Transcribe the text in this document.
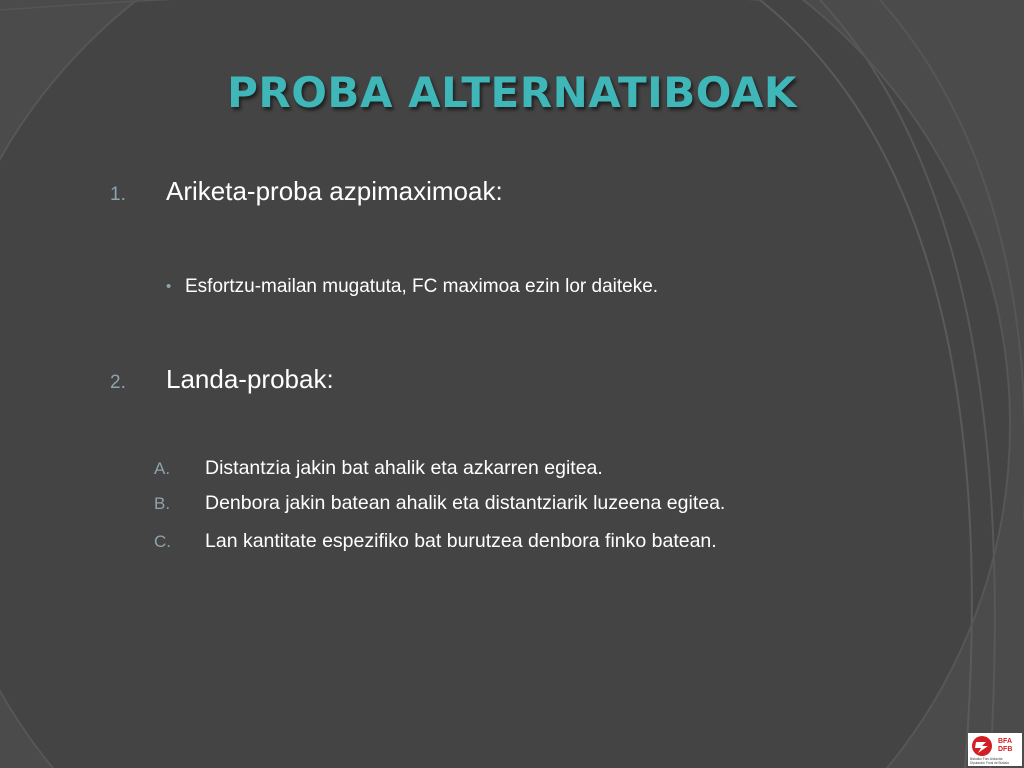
PROBA ALTERNATIBOAK
1. Ariketa-proba azpimaximoak:
• Esfortzu-mailan mugatuta, FC maximoa ezin lor daiteke.
2. Landa-probak:
A. Distantzia jakin bat ahalik eta azkarren egitea.
B. Denbora jakin batean ahalik eta distantziarik luzeena egitea.
C. Lan kantitate espezifiko bat burutzea denbora finko batean.
BFA
DFB
Bizkaiko Foru Aldundia
Diputación Foral de Bizkaia
